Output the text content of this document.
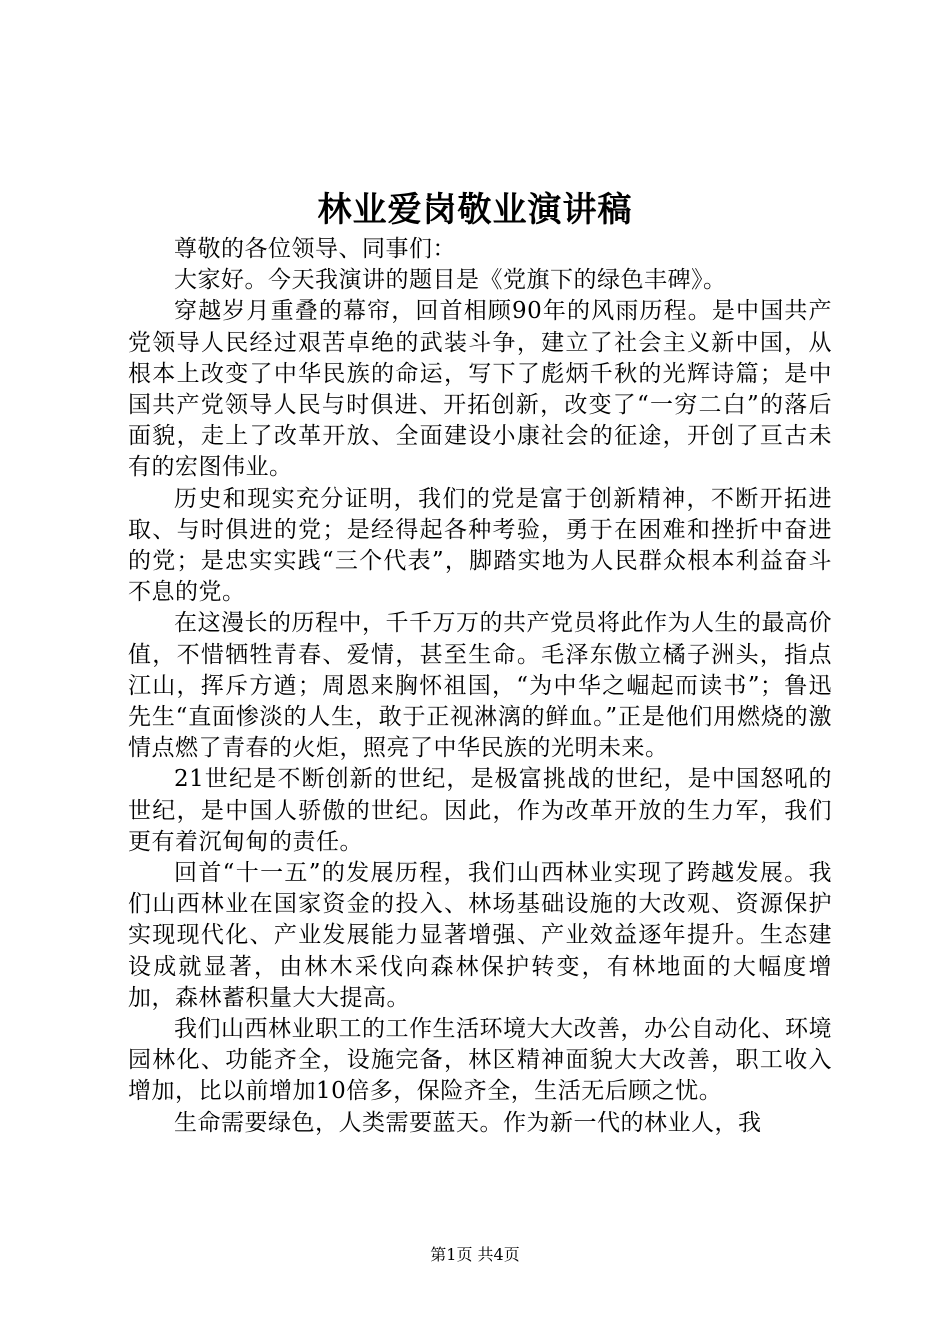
林业爱岗敬业演讲稿

尊敬的各位领导、同事们：

大家好。今天我演讲的题目是《党旗下的绿色丰碑》。

穿越岁月重叠的幕帘，回首相顾90年的风雨历程。是中国共产党领导人民经过艰苦卓绝的武装斗争，建立了社会主义新中国，从根本上改变了中华民族的命运，写下了彪炳千秋的光辉诗篇；是中国共产党领导人民与时俱进、开拓创新，改变了“一穷二白”的落后面貌，走上了改革开放、全面建设小康社会的征途，开创了亘古未有的宏图伟业。

历史和现实充分证明，我们的党是富于创新精神，不断开拓进取、与时俱进的党；是经得起各种考验，勇于在困难和挫折中奋进的党；是忠实实践“三个代表”，脚踏实地为人民群众根本利益奋斗不息的党。

在这漫长的历程中，千千万万的共产党员将此作为人生的最高价值，不惜牺牲青春、爱情，甚至生命。毛泽东傲立橘子洲头，指点江山，挥斥方遒；周恩来胸怀祖国，“为中华之崛起而读书”；鲁迅先生“直面惨淡的人生，敢于正视淋漓的鲜血。”正是他们用燃烧的激情点燃了青春的火炬，照亮了中华民族的光明未来。

21世纪是不断创新的世纪，是极富挑战的世纪，是中国怒吼的世纪，是中国人骄傲的世纪。因此，作为改革开放的生力军，我们更有着沉甸甸的责任。

回首“十一五”的发展历程，我们山西林业实现了跨越发展。我们山西林业在国家资金的投入、林场基础设施的大改观、资源保护实现现代化、产业发展能力显著增强、产业效益逐年提升。生态建设成就显著，由林木采伐向森林保护转变，有林地面的大幅度增加，森林蓄积量大大提高。

我们山西林业职工的工作生活环境大大改善，办公自动化、环境园林化、功能齐全，设施完备，林区精神面貌大大改善，职工收入增加，比以前增加10倍多，保险齐全，生活无后顾之忧。

生命需要绿色，人类需要蓝天。作为新一代的林业人，我

第1页 共4页
